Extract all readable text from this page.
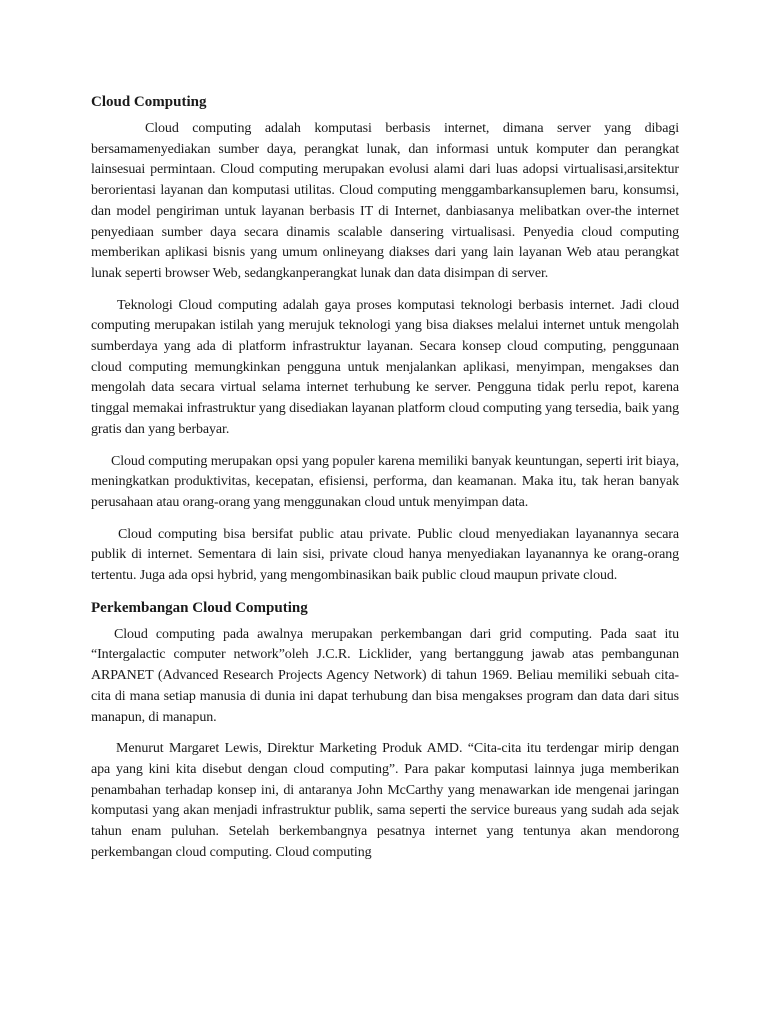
Cloud Computing

Cloud computing adalah komputasi berbasis internet, dimana server yang dibagi bersamamenyediakan sumber daya, perangkat lunak, dan informasi untuk komputer dan perangkat lainsesuai permintaan. Cloud computing merupakan evolusi alami dari luas adopsi virtualisasi,arsitektur berorientasi layanan dan komputasi utilitas. Cloud computing menggambarkansuplemen baru, konsumsi, dan model pengiriman untuk layanan berbasis IT di Internet, danbiasanya melibatkan over-the internet penyediaan sumber daya secara dinamis scalable dansering virtualisasi. Penyedia cloud computing memberikan aplikasi bisnis yang umum onlineyang diakses dari yang lain layanan Web atau perangkat lunak seperti browser Web, sedangkanperangkat lunak dan data disimpan di server.

Teknologi Cloud computing adalah gaya proses komputasi teknologi berbasis internet. Jadi cloud computing merupakan istilah yang merujuk teknologi yang bisa diakses melalui internet untuk mengolah sumberdaya yang ada di platform infrastruktur layanan. Secara konsep cloud computing, penggunaan cloud computing memungkinkan pengguna untuk menjalankan aplikasi, menyimpan, mengakses dan mengolah data secara virtual selama internet terhubung ke server. Pengguna tidak perlu repot, karena tinggal memakai infrastruktur yang disediakan layanan platform cloud computing yang tersedia, baik yang gratis dan yang berbayar.

Cloud computing merupakan opsi yang populer karena memiliki banyak keuntungan, seperti irit biaya, meningkatkan produktivitas, kecepatan, efisiensi, performa, dan keamanan. Maka itu, tak heran banyak perusahaan atau orang-orang yang menggunakan cloud untuk menyimpan data.

Cloud computing bisa bersifat public atau private. Public cloud menyediakan layanannya secara publik di internet. Sementara di lain sisi, private cloud hanya menyediakan layanannya ke orang-orang tertentu. Juga ada opsi hybrid, yang mengombinasikan baik public cloud maupun private cloud.

Perkembangan Cloud Computing

Cloud computing pada awalnya merupakan perkembangan dari grid computing. Pada saat itu “Intergalactic computer network”oleh J.C.R. Licklider, yang bertanggung jawab atas pembangunan ARPANET (Advanced Research Projects Agency Network) di tahun 1969. Beliau memiliki sebuah cita-cita di mana setiap manusia di dunia ini dapat terhubung dan bisa mengakses program dan data dari situs manapun, di manapun.

Menurut Margaret Lewis, Direktur Marketing Produk AMD. “Cita-cita itu terdengar mirip dengan apa yang kini kita disebut dengan cloud computing”. Para pakar komputasi lainnya juga memberikan penambahan terhadap konsep ini, di antaranya John McCarthy yang menawarkan ide mengenai jaringan komputasi yang akan menjadi infrastruktur publik, sama seperti the service bureaus yang sudah ada sejak tahun enam puluhan. Setelah berkembangnya pesatnya internet yang tentunya akan mendorong perkembangan cloud computing. Cloud computing
